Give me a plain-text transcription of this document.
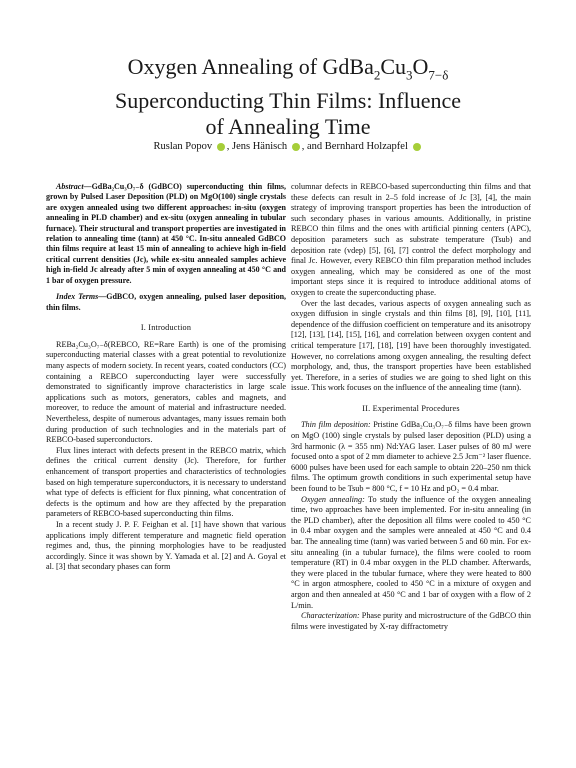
Oxygen Annealing of $GdBa_2Cu_3O_{7-\delta}$
Superconducting Thin Films: Influence
of Annealing Time
Ruslan Popov , Jens Hänisch , and Bernhard Holzapfel

Abstract—GdBa₂Cu₃O₇₋δ (GdBCO) superconducting thin films, grown by Pulsed Laser Deposition (PLD) on MgO(100) single crystals are oxygen annealed using two different approaches: in-situ (oxygen annealing in PLD chamber) and ex-situ (oxygen annealing in tubular furnace). Their structural and transport properties are investigated in relation to annealing time (tann) at 450 °C. In-situ annealed GdBCO thin films require at least 15 min of annealing to achieve high in-field critical current densities (Jc), while ex-situ annealed samples achieve high in-field Jc already after 5 min of oxygen annealing at 450 °C and 1 bar of oxygen pressure.

Index Terms—GdBCO, oxygen annealing, pulsed laser deposition, thin films.

I. Introduction

REBa₂Cu₃O₇₋δ(REBCO, RE=Rare Earth) is one of the promising superconducting material classes with a great potential to revolutionize many aspects of modern society. In recent years, coated conductors (CC) containing a REBCO superconducting layer were successfully demonstrated to significantly improve characteristics in large scale applications such as motors, generators, cables and magnets, and moreover, to reduce the amount of material and infrastructure needed. Nevertheless, despite of numerous advantages, many issues remain both during production of such technologies and in the materials part of REBCO-based superconductors.

Flux lines interact with defects present in the REBCO matrix, which defines the critical current density (Jc). Therefore, for further enhancement of transport properties and characteristics of technologies based on high temperature superconductors, it is necessary to understand what type of defects is efficient for flux pinning, what concentration of defects is the optimum and how are they affected by the preparation parameters of REBCO-based superconducting thin films.

In a recent study J. P. F. Feighan et al. [1] have shown that various applications imply different temperature and magnetic field operation regimes and, thus, the pinning morphologies have to be readjusted accordingly. Since it was shown by Y. Yamada et al. [2] and A. Goyal et al. [3] that secondary phases can form

columnar defects in REBCO-based superconducting thin films and that these defects can result in 2–5 fold increase of Jc [3], [4], the main strategy of improving transport properties has been the introduction of such secondary phases in various amounts. Additionally, in pristine REBCO thin films and the ones with artificial pinning centers (APC), deposition parameters such as substrate temperature (Tsub) and deposition rate (vdep) [5], [6], [7] control the defect morphology and final Jc. However, every REBCO thin film preparation method includes oxygen annealing, which may be considered as one of the most important steps since it is required to introduce additional atoms of oxygen to create the superconducting phase.

Over the last decades, various aspects of oxygen annealing such as oxygen diffusion in single crystals and thin films [8], [9], [10], [11], dependence of the diffusion coefficient on temperature and its anisotropy [12], [13], [14], [15], [16], and correlation between oxygen content and critical temperature [17], [18], [19] have been thoroughly investigated. However, no correlations among oxygen annealing, the resulting defect morphology, and, thus, the transport properties have been established yet. Therefore, in a series of studies we are going to shed light on this issue. This work focuses on the influence of the annealing time (tann).

II. Experimental Procedures

Thin film deposition: Pristine GdBa₂Cu₃O₇₋δ films have been grown on MgO (100) single crystals by pulsed laser deposition (PLD) using a 3rd harmonic (λ = 355 nm) Nd:YAG laser. Laser pulses of 80 mJ were focused onto a spot of 2 mm diameter to achieve 2.5 Jcm⁻² laser fluence. 6000 pulses have been used for each sample to obtain 220–250 nm thick films. The optimum growth conditions in such experimental setup have been found to be Tsub = 800 °C, f = 10 Hz and pO₂ = 0.4 mbar.

Oxygen annealing: To study the influence of the oxygen annealing time, two approaches have been implemented. For in-situ annealing (in the PLD chamber), after the deposition all films were cooled to 450 °C in 0.4 mbar oxygen and the samples were annealed at 450 °C and 0.4 bar. The annealing time (tann) was varied between 5 and 60 min. For ex-situ annealing (in a tubular furnace), the films were cooled to room temperature (RT) in 0.4 mbar oxygen in the PLD chamber. Afterwards, they were placed in the tubular furnace, where they were heated to 800 °C in argon atmosphere, cooled to 450 °C in a mixture of oxygen and argon and then annealed at 450 °C and 1 bar of oxygen with a flow of 2 L/min.

Characterization: Phase purity and microstructure of the GdBCO thin films were investigated by X-ray diffractometry
